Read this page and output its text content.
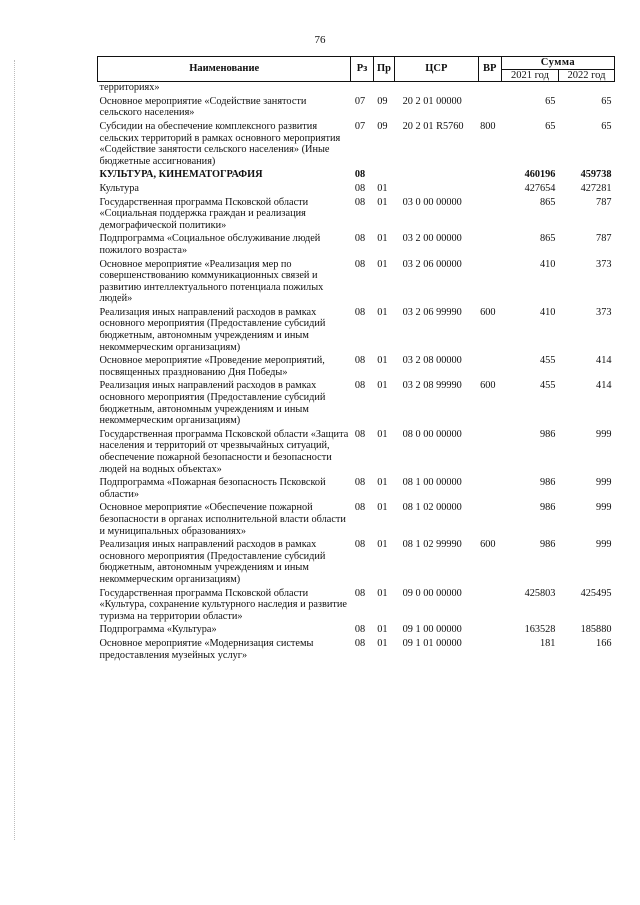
76
Наименование	Рз	Пр	ЦСР	ВР	Сумма	
					2021 год	2022 год
территориях»						
Основное мероприятие «Содействие занятости сельского населения»	07	09	20 2 01 00000		65	65
Субсидии на обеспечение комплексного развития сельских территорий в рамках основного мероприятия «Содействие занятости сельского населения» (Иные бюджетные ассигнования)	07	09	20 2 01 R5760	800	65	65
КУЛЬТУРА, КИНЕМАТОГРАФИЯ	08				460196	459738
Культура	08	01			427654	427281
Государственная программа Псковской области «Социальная поддержка граждан и реализация демографической политики»	08	01	03 0 00 00000		865	787
Подпрограмма «Социальное обслуживание людей пожилого возраста»	08	01	03 2 00 00000		865	787
Основное мероприятие «Реализация мер по совершенствованию коммуникационных связей и развитию интеллектуального потенциала пожилых людей»	08	01	03 2 06 00000		410	373
Реализация иных направлений расходов в рамках основного мероприятия (Предоставление субсидий бюджетным, автономным учреждениям и иным некоммерческим организациям)	08	01	03 2 06 99990	600	410	373
Основное мероприятие «Проведение мероприятий, посвященных празднованию Дня Победы»	08	01	03 2 08 00000		455	414
Реализация иных направлений расходов в рамках основного мероприятия (Предоставление субсидий бюджетным, автономным учреждениям и иным некоммерческим организациям)	08	01	03 2 08 99990	600	455	414
Государственная программа Псковской области «Защита населения и территорий от чрезвычайных ситуаций, обеспечение пожарной безопасности и безопасности людей на водных объектах»	08	01	08 0 00 00000		986	999
Подпрограмма «Пожарная безопасность Псковской области»	08	01	08 1 00 00000		986	999
Основное мероприятие «Обеспечение пожарной безопасности в органах исполнительной власти области и муниципальных образованиях»	08	01	08 1 02 00000		986	999
Реализация иных направлений расходов в рамках основного мероприятия (Предоставление субсидий бюджетным, автономным учреждениям и иным некоммерческим организациям)	08	01	08 1 02 99990	600	986	999
Государственная программа Псковской области «Культура, сохранение культурного наследия и развитие туризма на территории области»	08	01	09 0 00 00000		425803	425495
Подпрограмма «Культура»	08	01	09 1 00 00000		163528	185880
Основное мероприятие «Модернизация системы предоставления музейных услуг»	08	01	09 1 01 00000		181	166
